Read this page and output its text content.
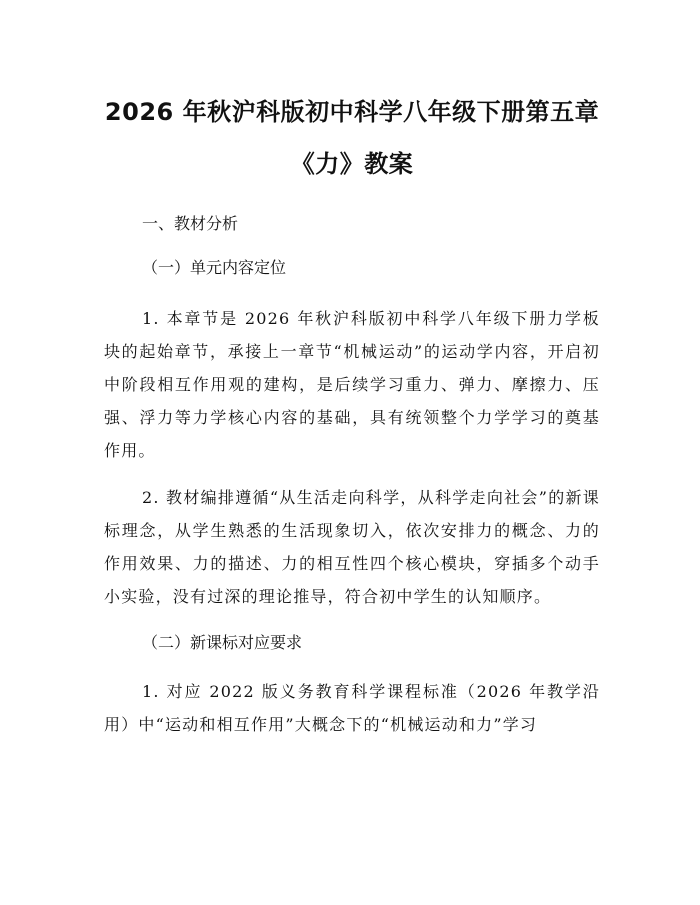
2026 年秋沪科版初中科学八年级下册第五章
《力》教案

一、教材分析

（一）单元内容定位

1. 本章节是 2026 年秋沪科版初中科学八年级下册力学板块的起始章节，承接上一章节“机械运动”的运动学内容，开启初中阶段相互作用观的建构，是后续学习重力、弹力、摩擦力、压强、浮力等力学核心内容的基础，具有统领整个力学学习的奠基作用。

2. 教材编排遵循“从生活走向科学，从科学走向社会”的新课标理念，从学生熟悉的生活现象切入，依次安排力的概念、力的作用效果、力的描述、力的相互性四个核心模块，穿插多个动手小实验，没有过深的理论推导，符合初中学生的认知顺序。

（二）新课标对应要求

1. 对应 2022 版义务教育科学课程标准（2026 年教学沿用）中“运动和相互作用”大概念下的“机械运动和力”学习
